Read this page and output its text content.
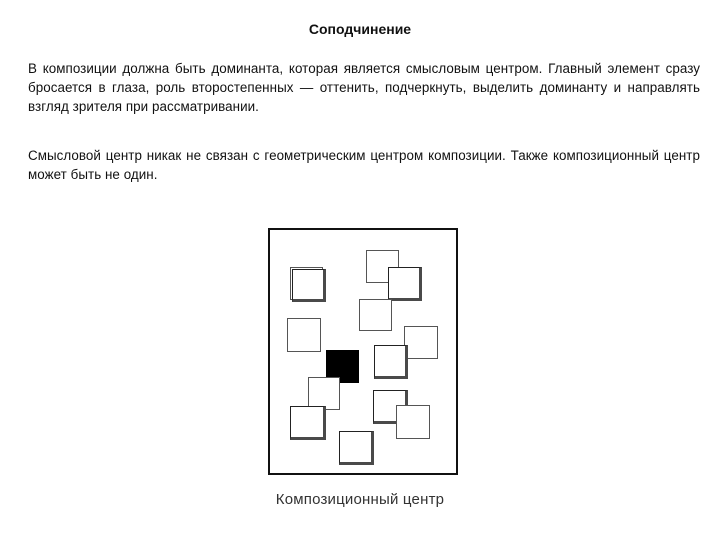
Соподчинение
В композиции должна быть доминанта, которая является смысловым центром. Главный элемент сразу бросается в глаза, роль второстепенных — оттенить, подчеркнуть, выделить доминанту и направлять взгляд зрителя при рассматривании.
Смысловой центр никак не связан с геометрическим центром композиции. Также композиционный центр может быть не один.
Композиционный центр
